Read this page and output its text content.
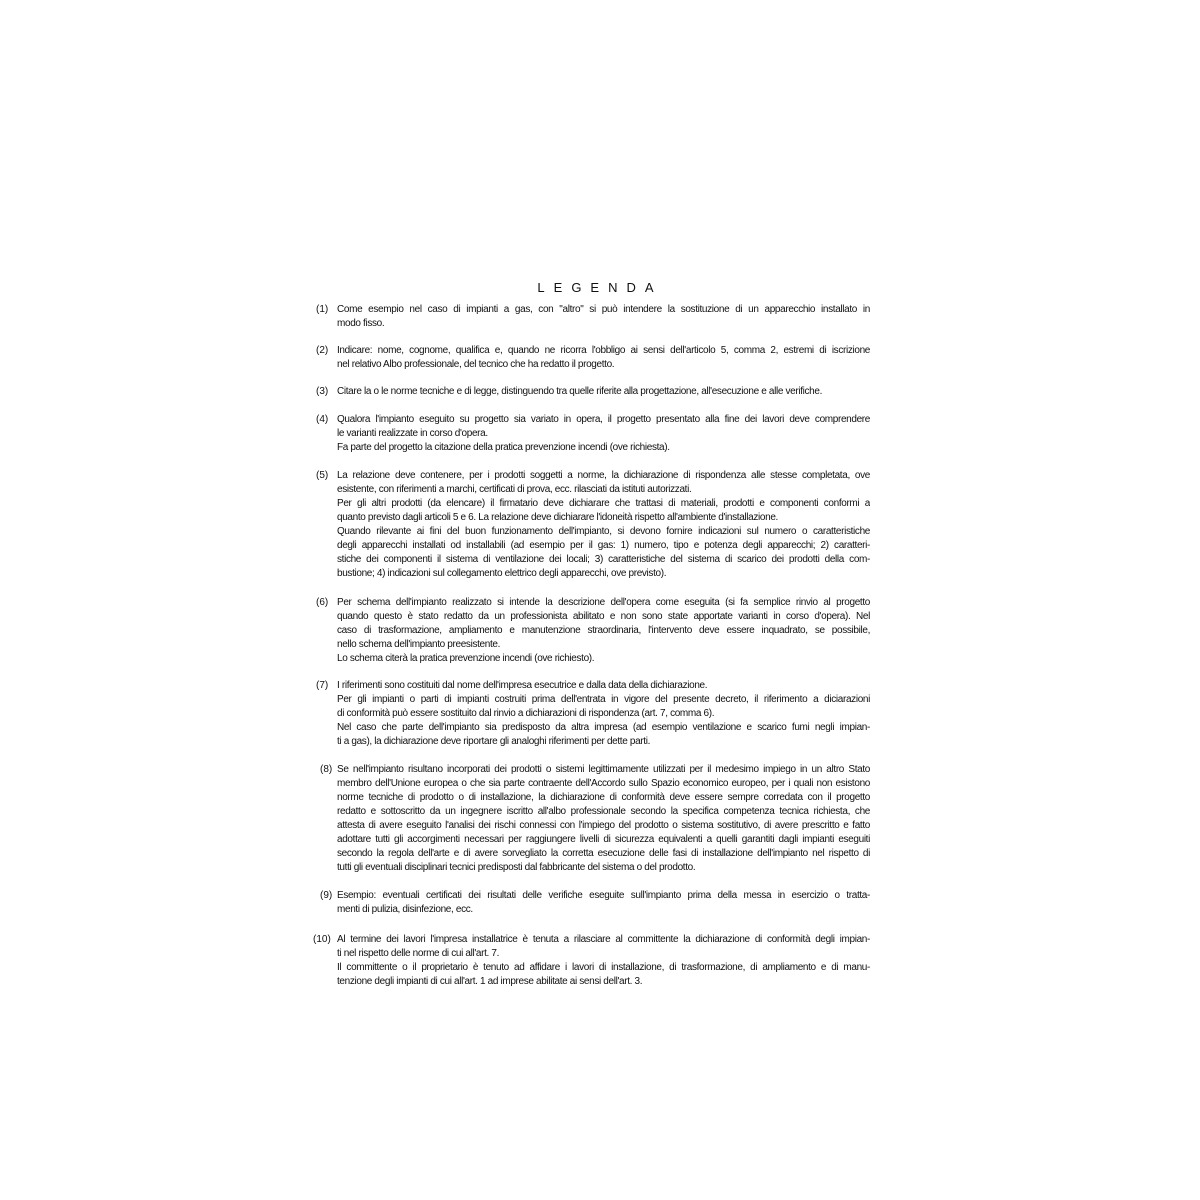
LEGENDA
(1) Come esempio nel caso di impianti a gas, con "altro" si può intendere la sostituzione di un apparecchio installato in
modo fisso.
(2) Indicare: nome, cognome, qualifica e, quando ne ricorra l'obbligo ai sensi dell'articolo 5, comma 2, estremi di iscrizione
nel relativo Albo professionale, del tecnico che ha redatto il progetto.
(3) Citare la o le norme tecniche e di legge, distinguendo tra quelle riferite alla progettazione, all'esecuzione e alle verifiche.
(4) Qualora l'impianto eseguito su progetto sia variato in opera, il progetto presentato alla fine dei lavori deve comprendere
le varianti realizzate in corso d'opera.
Fa parte del progetto la citazione della pratica prevenzione incendi (ove richiesta).
(5) La relazione deve contenere, per i prodotti soggetti a norme, la dichiarazione di rispondenza alle stesse completata, ove
esistente, con riferimenti a marchi, certificati di prova, ecc. rilasciati da istituti autorizzati.
Per gli altri prodotti (da elencare) il firmatario deve dichiarare che trattasi di materiali, prodotti e componenti conformi a
quanto previsto dagli articoli 5 e 6. La relazione deve dichiarare l'idoneità rispetto all'ambiente d'installazione.
Quando rilevante ai fini del buon funzionamento dell'impianto, si devono fornire indicazioni sul numero o caratteristiche
degli apparecchi installati od installabili (ad esempio per il gas: 1) numero, tipo e potenza degli apparecchi; 2) caratteri-
stiche dei componenti il sistema di ventilazione dei locali; 3) caratteristiche del sistema di scarico dei prodotti della com-
bustione; 4) indicazioni sul collegamento elettrico degli apparecchi, ove previsto).
(6) Per schema dell'impianto realizzato si intende la descrizione dell'opera come eseguita (si fa semplice rinvio al progetto
quando questo è stato redatto da un professionista abilitato e non sono state apportate varianti in corso d'opera). Nel
caso di trasformazione, ampliamento e manutenzione straordinaria, l'intervento deve essere inquadrato, se possibile,
nello schema dell'impianto preesistente.
Lo schema citerà la pratica prevenzione incendi (ove richiesto).
(7) I riferimenti sono costituiti dal nome dell'impresa esecutrice e dalla data della dichiarazione.
Per gli impianti o parti di impianti costruiti prima dell'entrata in vigore del presente decreto, il riferimento a diciarazioni
di conformità può essere sostituito dal rinvio a dichiarazioni di rispondenza (art. 7, comma 6).
Nel caso che parte dell'impianto sia predisposto da altra impresa (ad esempio ventilazione e scarico fumi negli impian-
ti a gas), la dichiarazione deve riportare gli analoghi riferimenti per dette parti.
(8) Se nell'impianto risultano incorporati dei prodotti o sistemi legittimamente utilizzati per il medesimo impiego in un altro Stato
membro dell'Unione europea o che sia parte contraente dell'Accordo sullo Spazio economico europeo, per i quali non esistono
norme tecniche di prodotto o di installazione, la dichiarazione di conformità deve essere sempre corredata con il progetto
redatto e sottoscritto da un ingegnere iscritto all'albo professionale secondo la specifica competenza tecnica richiesta, che
attesta di avere eseguito l'analisi dei rischi connessi con l'impiego del prodotto o sistema sostitutivo, di avere prescritto e fatto
adottare tutti gli accorgimenti necessari per raggiungere livelli di sicurezza equivalenti a quelli garantiti dagli impianti eseguiti
secondo la regola dell'arte e di avere sorvegliato la corretta esecuzione delle fasi di installazione dell'impianto nel rispetto di
tutti gli eventuali disciplinari tecnici predisposti dal fabbricante del sistema o del prodotto.
(9) Esempio: eventuali certificati dei risultati delle verifiche eseguite sull'impianto prima della messa in esercizio o tratta-
menti di pulizia, disinfezione, ecc.
(10) Al termine dei lavori l'impresa installatrice è tenuta a rilasciare al committente la dichiarazione di conformità degli impian-
ti nel rispetto delle norme di cui all'art. 7.
Il committente o il proprietario è tenuto ad affidare i lavori di installazione, di trasformazione, di ampliamento e di manu-
tenzione degli impianti di cui all'art. 1 ad imprese abilitate ai sensi dell'art. 3.
